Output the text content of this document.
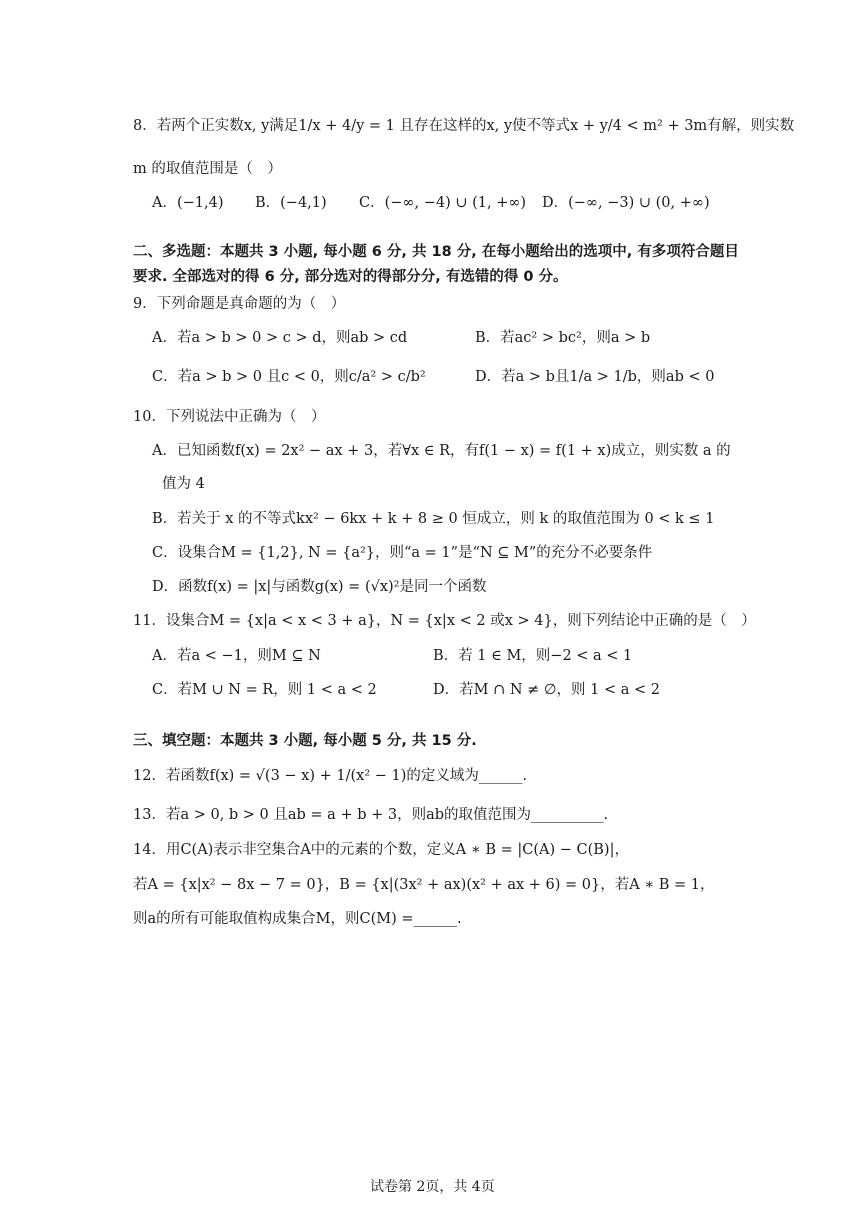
8．若两个正实数x, y满足1/x + 4/y = 1 且存在这样的x, y使不等式x + y/4 < m² + 3m有解，则实数
m 的取值范围是（　）
A．(−1,4) B．(−4,1) C．(−∞, −4) ∪ (1, +∞) D．(−∞, −3) ∪ (0, +∞)
二、多选题：本题共 3 小题, 每小题 6 分, 共 18 分, 在每小题给出的选项中, 有多项符合题目
要求. 全部选对的得 6 分, 部分选对的得部分分, 有选错的得 0 分。
9．下列命题是真命题的为（　）
A．若a > b > 0 > c > d，则ab > cd	B．若ac² > bc²，则a > b
C．若a > b > 0 且c < 0，则c/a² > c/b²	D．若a > b且1/a > 1/b，则ab < 0
10．下列说法中正确为（　）
A．已知函数f(x) = 2x² − ax + 3，若∀x ∈ R，有f(1 − x) = f(1 + x)成立，则实数 a 的
值为 4
B．若关于 x 的不等式kx² − 6kx + k + 8 ≥ 0 恒成立，则 k 的取值范围为 0 < k ≤ 1
C．设集合M = {1,2}, N = {a²}，则“a = 1”是“N ⊆ M”的充分不必要条件
D．函数f(x) = |x|与函数g(x) = (√x)²是同一个函数
11．设集合M = {x|a < x < 3 + a}，N = {x|x < 2 或x > 4}，则下列结论中正确的是（　）
A．若a < −1，则M ⊆ N	B．若 1 ∈ M，则−2 < a < 1
C．若M ∪ N = R，则 1 < a < 2	D．若M ∩ N ≠ ∅，则 1 < a < 2
三、填空题：本题共 3 小题, 每小题 5 分, 共 15 分.
12．若函数f(x) = √(3 − x) + 1/(x² − 1)的定义域为______.
13．若a > 0, b > 0 且ab = a + b + 3，则ab的取值范围为__________.
14．用C(A)表示非空集合A中的元素的个数，定义A ∗ B = |C(A) − C(B)|，
若A = {x|x² − 8x − 7 = 0}，B = {x|(3x² + ax)(x² + ax + 6) = 0}，若A ∗ B = 1，
则a的所有可能取值构成集合M，则C(M) =______.
试卷第 2页，共 4页
